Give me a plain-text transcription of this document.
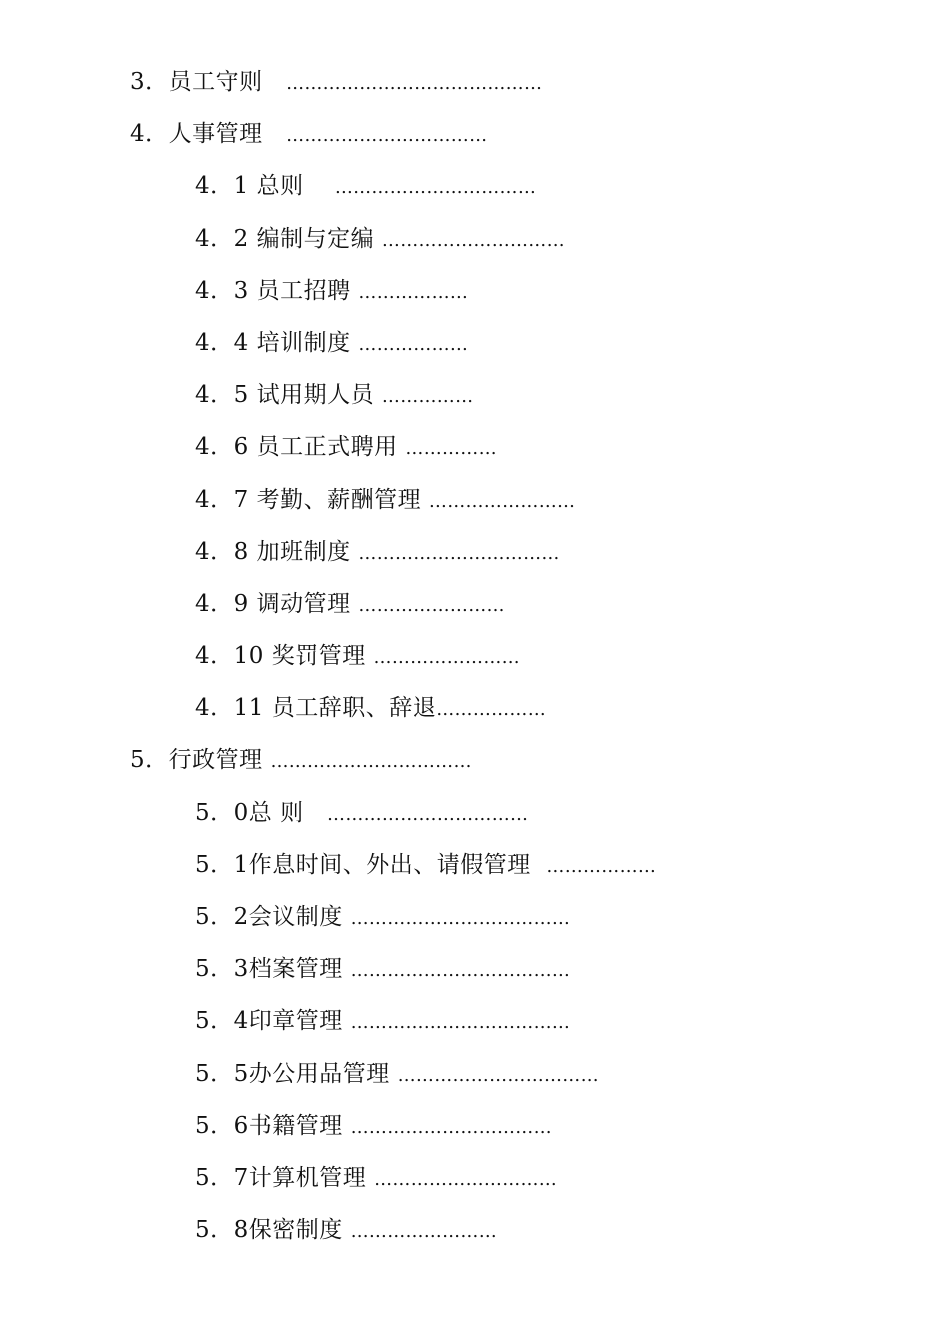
3．员工守则 ……………………………………
4．人事管理 ……………………………
4．1 总则 ……………………………
4．2 编制与定编 …………………………
4．3 员工招聘 ………………
4．4 培训制度 ………………
4．5 试用期人员 ……………
4．6 员工正式聘用 ……………
4．7 考勤、薪酬管理 ……………………
4．8 加班制度 ……………………………
4．9 调动管理 ……………………
4．10 奖罚管理 ……………………
4．11 员工辞职、辞退………………
5．行政管理 ……………………………
5．0总 则 ……………………………
5．1作息时间、外出、请假管理 ………………
5．2会议制度 ………………………………
5．3档案管理 ………………………………
5．4印章管理 ………………………………
5．5办公用品管理 ……………………………
5．6书籍管理 ……………………………
5．7计算机管理 …………………………
5．8保密制度 ……………………
